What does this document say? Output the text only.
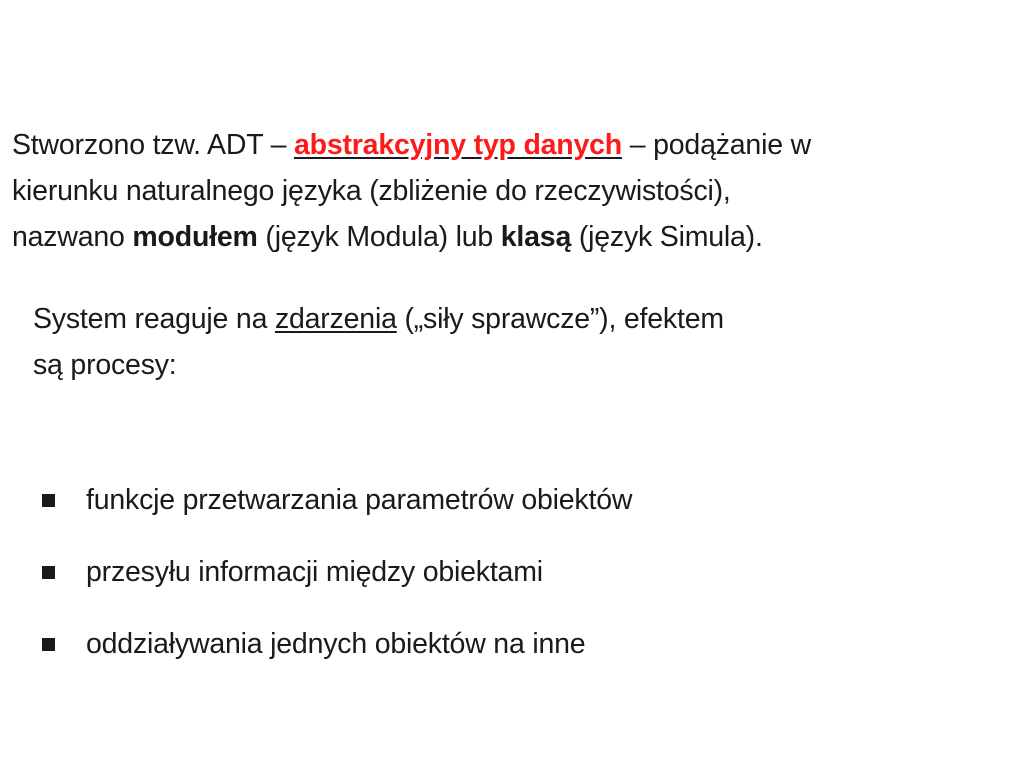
Stworzono tzw. ADT – abstrakcyjny typ danych – podążanie w
kierunku naturalnego języka (zbliżenie do rzeczywistości),
nazwano modułem (język Modula) lub klasą (język Simula).
System reaguje na zdarzenia („siły sprawcze”), efektem
są procesy:
funkcje przetwarzania parametrów obiektów
przesyłu informacji między obiektami
oddziaływania jednych obiektów na inne
